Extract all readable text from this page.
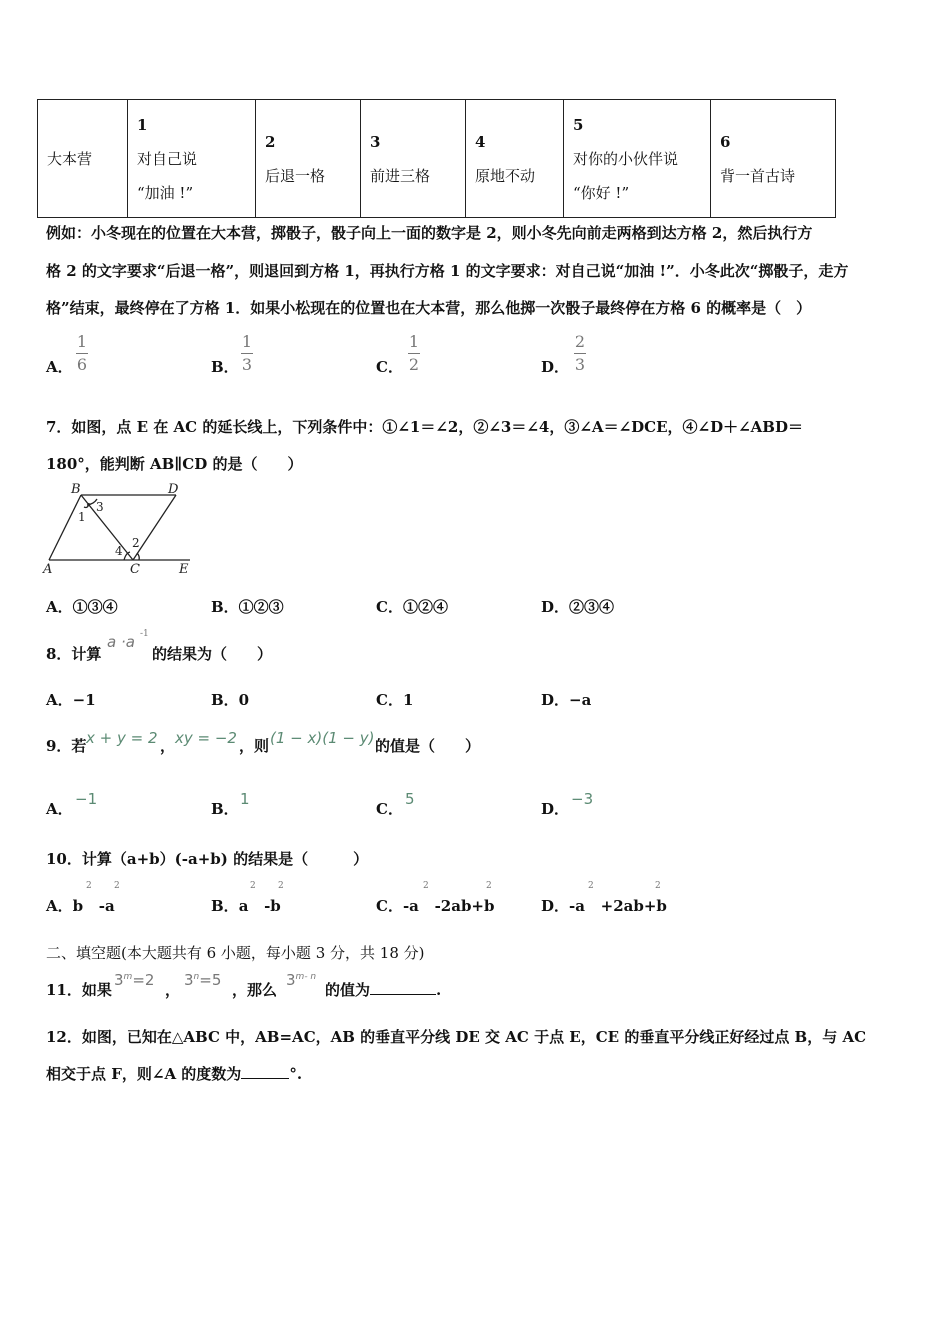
大本营	
1
对自己说
“加油 !”

2
后退一格

3
前进三格

4
原地不动

5
对你的小伙伴说
“你好 !”

6
背一首古诗
例如：小冬现在的位置在大本营，掷骰子，骰子向上一面的数字是 2，则小冬先向前走两格到达方格 2，然后执行方
格 2 的文字要求“后退一格”，则退回到方格 1，再执行方格 1 的文字要求：对自己说“加油 !”．小冬此次“掷骰子，走方
格”结束，最终停在了方格 1．如果小松现在的位置也在大本营，那么他掷一次骰子最终停在方格 6 的概率是（　）
A．
1
6	B．
1
3	C．
1
2	D．
2
3
7．如图，点 E 在 AC 的延长线上，下列条件中：①∠1＝∠2，②∠3＝∠4，③∠A＝∠DCE，④∠D＋∠ABD＝
180°，能判断 AB∥CD 的是（　　）
B	D
A	C	E
3
1
2
4
A．①③④	B．①②③	C．①②④	D．②③④
8．计算
a ·a -1
的结果为（　　）
A．−1	B．0	C．1	D．−a
9．若 x + y = 2 ， xy = −2 ，则 (1 − x)(1 − y) 的值是（　　）
A．
−1
B．
1
C．
5
D．
−3
10．计算（a+b）(-a+b) 的结果是（　　　）
A．b   -a
2 2
B．a   -b
2 2
C．-a   -2ab+b
2	2
D．-a   +2ab+b
2	2
二、填空题(本大题共有 6 小题，每小题 3 分，共 18 分)
11．如果
$3^m=2$
，
$3^n=5$
，那么
3$^{m- n}$
的值为	.
12．如图，已知在△ABC 中，AB=AC，AB 的垂直平分线 DE 交 AC 于点 E，CE 的垂直平分线正好经过点 B，与 AC
相交于点 F，则∠A 的度数为	°.
